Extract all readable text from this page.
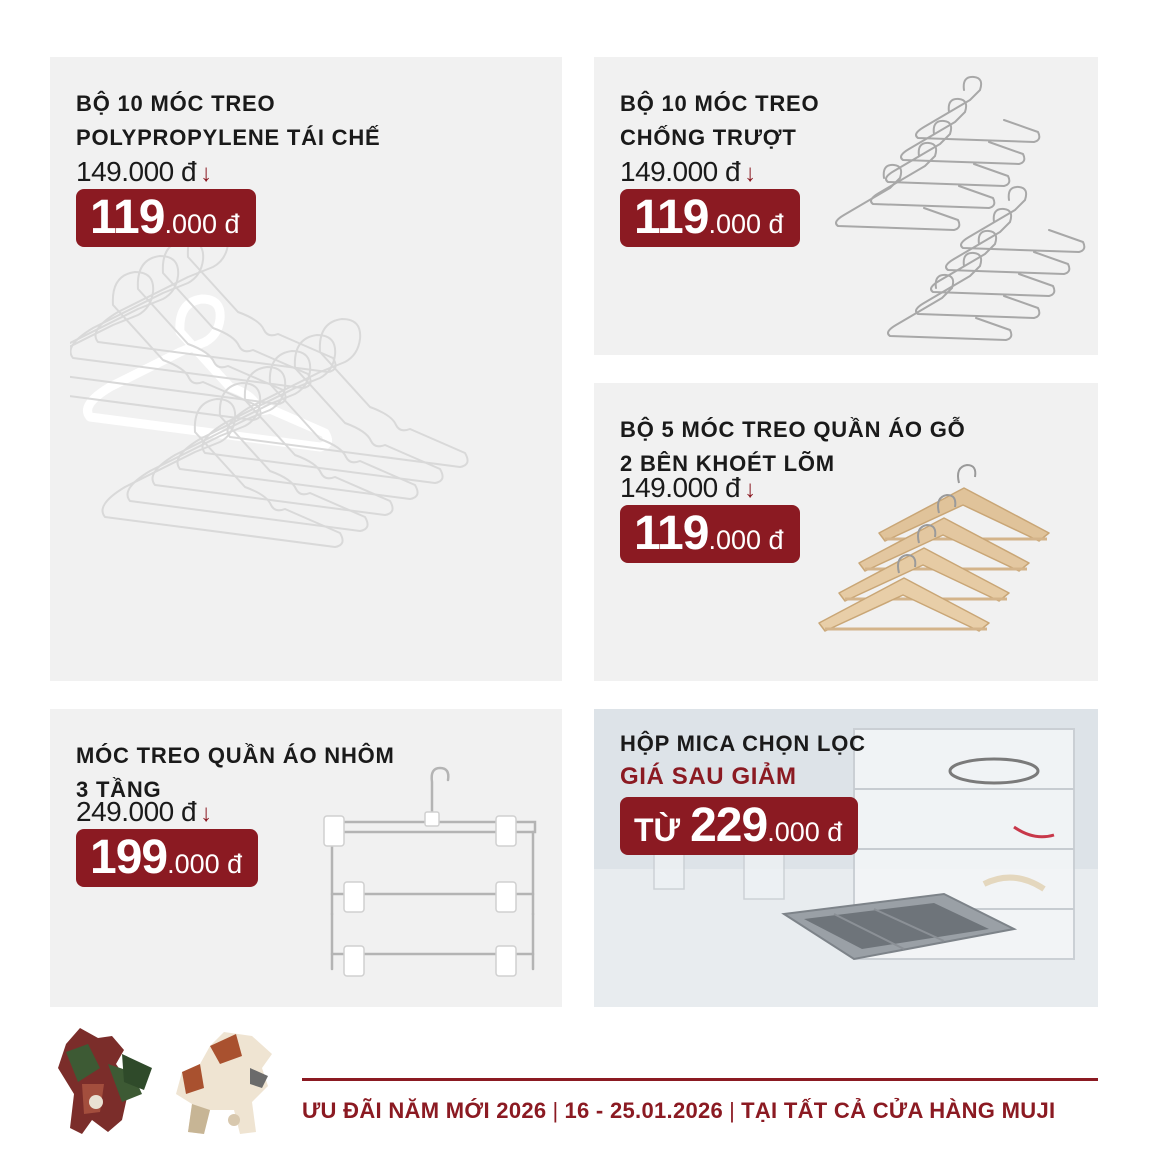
BỘ 10 MÓC TREO
POLYPROPYLENE TÁI CHẾ
149.000 đ ↓
119 .000 đ
BỘ 10 MÓC TREO
CHỐNG TRƯỢT
149.000 đ ↓
119 .000 đ
BỘ 5 MÓC TREO QUẦN ÁO GỖ
2 BÊN KHOÉT LÕM
149.000 đ ↓
119 .000 đ
MÓC TREO QUẦN ÁO NHÔM
3 TẦNG
249.000 đ ↓
199 .000 đ
HỘP MICA CHỌN LỌC
GIÁ SAU GIẢM
TỪ 229 .000 đ
ƯU ĐÃI NĂM MỚI 2026 | 16 - 25.01.2026 | TẠI TẤT CẢ CỬA HÀNG MUJI
